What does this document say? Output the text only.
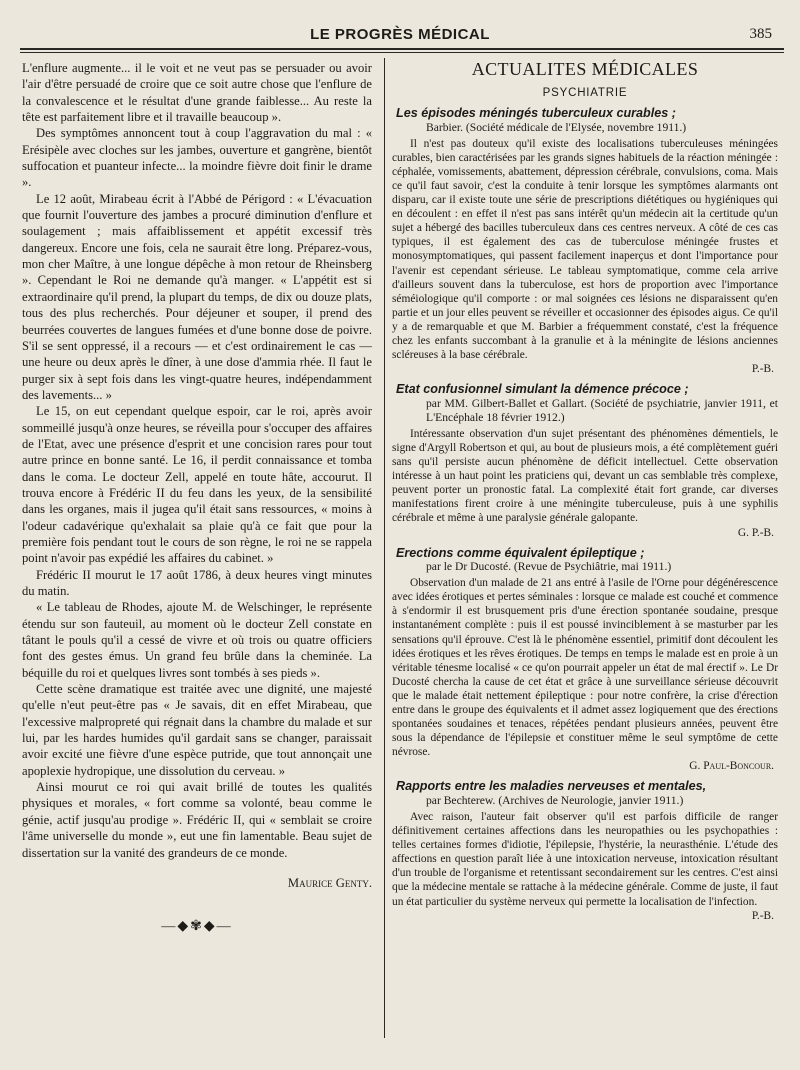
LE PROGRÈS MÉDICAL	385

L'enflure augmente... il le voit et ne veut pas se persuader ou avoir l'air d'être persuadé de croire que ce soit autre chose que l'enflure de la convalescence et le résultat d'une grande faiblesse... Au reste la tête est parfaitement libre et il travaille beaucoup ».

Des symptômes annoncent tout à coup l'aggravation du mal : « Erésipèle avec cloches sur les jambes, ouverture et gangrène, bientôt suffocation et puanteur infecte... la moindre fièvre doit finir le drame ».

Le 12 août, Mirabeau écrit à l'Abbé de Périgord : « L'évacuation que fournit l'ouverture des jambes a procuré diminution d'enflure et soulagement ; mais affaiblissement et appétit excessif très dangereux. Encore une fois, cela ne saurait être long. Préparez-vous, mon cher Maître, à une longue dépêche à mon retour de Rheinsberg ». Cependant le Roi ne demande qu'à manger. « L'appétit est si extraordinaire qu'il prend, la plupart du temps, de dix ou douze plats, tous des plus recherchés. Pour déjeuner et souper, il prend des beurrées couvertes de langues fumées et d'une bonne dose de poivre. S'il se sent oppressé, il a recours — et c'est ordinairement le cas — une heure ou deux après le dîner, à une dose d'ammia rhée. Il faut le purger six à sept fois dans les vingt-quatre heures, indépendamment des lavements... »

Le 15, on eut cependant quelque espoir, car le roi, après avoir sommeillé jusqu'à onze heures, se réveilla pour s'occuper des affaires de l'Etat, avec une présence d'esprit et une concision rares pour tout autre prince en bonne santé. Le 16, il perdit connaissance et tomba dans le coma. Le docteur Zell, appelé en toute hâte, accourut. Il trouva encore à Frédéric II du feu dans les yeux, de la sensibilité dans les organes, mais il jugea qu'il était sans ressources, « moins à l'odeur cadavérique qu'exhalait sa plaie qu'à ce fait que pour la première fois pendant tout le cours de son règne, le roi ne se rappela point n'avoir pas expédié les affaires du cabinet. »

Frédéric II mourut le 17 août 1786, à deux heures vingt minutes du matin.

« Le tableau de Rhodes, ajoute M. de Welschinger, le représente étendu sur son fauteuil, au moment où le docteur Zell constate en tâtant le pouls qu'il a cessé de vivre et où trois ou quatre officiers font des gestes émus. Un grand feu brûle dans la cheminée. La béquille du roi et quelques livres sont tombés à ses pieds ».

Cette scène dramatique est traitée avec une dignité, une majesté qu'elle n'eut peut-être pas « Je savais, dit en effet Mirabeau, que l'excessive malpropreté qui régnait dans la chambre du malade et sur lui, par les hardes humides qu'il gardait sans se changer, paraissait avoir excité une fièvre d'une espèce putride, que tout annonçait une apoplexie hydropique, une dissolution du cerveau. »

Ainsi mourut ce roi qui avait brillé de toutes les qualités physiques et morales, « fort comme sa volonté, beau comme le génie, actif jusqu'au prodige ». Frédéric II, qui « semblait se croire l'âme universelle du monde », eut une fin lamentable. Beau sujet de dissertation sur la vanité des grandeurs de ce monde.

Maurice Genty.
—◆✾◆—
ACTUALITES MÉDICALES
PSYCHIATRIE

Les épisodes méningés tuberculeux curables ;

Barbier. (Société médicale de l'Elysée, novembre 1911.)

Il n'est pas douteux qu'il existe des localisations tuberculeuses méningées curables, bien caractérisées par les grands signes habituels de la réaction méningée : céphalée, vomissements, abattement, dépression cérébrale, convulsions, coma. Mais ce qu'il faut savoir, c'est la conduite à tenir lorsque les symptômes alarmants ont disparu, car il existe toute une série de prescriptions diététiques ou hygiéniques qui en découlent : en effet il n'est pas sans intérêt qu'un médecin ait la certitude qu'un sujet a hébergé des bacilles tuberculeux dans ces centres nerveux. A côté de ces cas typiques, il est également des cas de tuberculose méningée frustes et monosymptomatiques, qui passent facilement inaperçus et dont l'importance pour l'avenir est cependant sérieuse. Le tableau symptomatique, comme cela arrive d'ailleurs souvent dans la tuberculose, est hors de proportion avec l'importance séméiologique qu'il comporte : or mal soignées ces lésions ne disparaissent qu'en partie et un jour elles peuvent se réveiller et occasionner des épisodes aigus. Ce qu'il y a de remarquable et que M. Barbier a fréquemment constaté, c'est la fréquence chez les enfants succombant à la granulie et à la méningite de lésions anciennes scléreuses à la base cérébrale.

P.-B.

Etat confusionnel simulant la démence précoce ;

par MM. Gilbert-Ballet et Gallart. (Société de psychiatrie, janvier 1911, et L'Encéphale 18 février 1912.)

Intéressante observation d'un sujet présentant des phénomènes démentiels, le signe d'Argyll Robertson et qui, au bout de plusieurs mois, a été complètement guéri sans qu'il persiste aucun phénomène de déficit intellectuel. Cette observation intéresse à un haut point les praticiens qui, devant un cas semblable très complexe, peuvent porter un pronostic fatal. La complexité était fort grande, car diverses manifestations firent croire à une méningite tuberculeuse, puis à une syphilis cérébrale et même à une paralysie générale galopante.

G. P.-B.

Erections comme équivalent épileptique ;

par le Dr Ducosté. (Revue de Psychiâtrie, mai 1911.)

Observation d'un malade de 21 ans entré à l'asile de l'Orne pour dégénérescence avec idées érotiques et pertes séminales : lorsque ce malade est couché et commence à s'endormir il est brusquement pris d'une érection spontanée soudaine, presque instantanément complète : puis il est poussé invinciblement à se masturber par les sensations qu'il éprouve. C'est là le phénomène essentiel, primitif dont découlent les idées érotiques et les rêves érotiques. De temps en temps le malade est en proie à un véritable ténesme localisé « ce qu'on pourrait appeler un état de mal érectif ». Le Dr Ducosté chercha la cause de cet état et grâce à une surveillance sérieuse découvrit que le malade était nettement épileptique : pour notre confrère, la crise d'érection entre dans le groupe des équivalents et il admet assez logiquement que des érections spontanées soudaines et tenaces, répétées pendant plusieurs années, peuvent être sous la dépendance de l'épilepsie et constituer même le seul symptôme de cette névrose.

G. Paul-Boncour.

Rapports entre les maladies nerveuses et mentales,

par Bechterew. (Archives de Neurologie, janvier 1911.)

Avec raison, l'auteur fait observer qu'il est parfois difficile de ranger définitivement certaines affections dans les neuropathies ou les psychopathies : telles certaines formes d'idiotie, l'épilepsie, l'hystérie, la neurasthénie. L'étude des affections en question paraît liée à une intoxication nerveuse, intoxication résultant d'un trouble de l'organisme et retentissant secondairement sur les centres. C'est ainsi que la médecine mentale se rattache à la médecine générale. Comme de juste, il faut un état particulier du système nerveux qui permette la localisation de l'infection.

P.-B.
